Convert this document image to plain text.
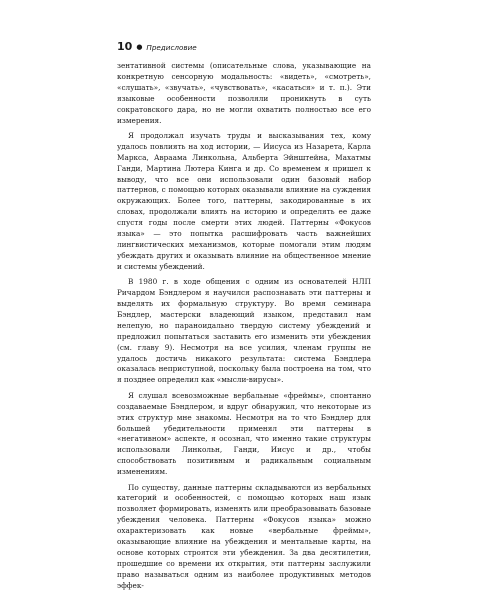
10 ● Предисловие

зентативной системы (описательные слова, указывающие на конкретную сенсорную модальность: «видеть», «смотреть», «слушать», «звучать», «чувствовать», «касаться» и т. п.). Эти языковые особенности позволяли проникнуть в суть сократовского дара, но не могли охватить полностью все его измерения.

Я продолжал изучать труды и высказывания тех, кому удалось повлиять на ход истории, — Иисуса из Назарета, Карла Маркса, Авраама Линкольна, Альберта Эйнштейна, Махатмы Ганди, Мартина Лютера Кинга и др. Со временем я пришел к выводу, что все они использовали один базовый набор паттернов, с помощью которых оказывали влияние на суждения окружающих. Более того, паттерны, закодированные в их словах, продолжали влиять на историю и определять ее даже спустя годы после смерти этих людей. Паттерны «Фокусов языка» — это попытка расшифровать часть важнейших лингвистических механизмов, которые помогали этим людям убеждать других и оказывать влияние на общественное мнение и системы убеждений.

В 1980 г. в ходе общения с одним из основателей НЛП Ричардом Бэндлером я научился распознавать эти паттерны и выделять их формальную структуру. Во время семинара Бэндлер, мастерски владеющий языком, представил нам нелепую, но параноидально твердую систему убеждений и предложил попытаться заставить его изменить эти убеждения (см. главу 9). Несмотря на все усилия, членам группы не удалось достичь никакого результата: система Бэндлера оказалась неприступной, поскольку была построена на том, что я позднее определил как «мысли-вирусы».

Я слушал всевозможные вербальные «фреймы», спонтанно создаваемые Бэндлером, и вдруг обнаружил, что некоторые из этих структур мне знакомы. Несмотря на то что Бэндлер для большей убедительности применял эти паттерны в «негативном» аспекте, я осознал, что именно такие структуры использовали Линкольн, Ганди, Иисус и др., чтобы способствовать позитивным и радикальным социальным изменениям.

По существу, данные паттерны складываются из вербальных категорий и особенностей, с помощью которых наш язык позволяет формировать, изменять или преобразовывать базовые убеждения человека. Паттерны «Фокусов языка» можно охарактеризовать как новые «вербальные фреймы», оказывающие влияние на убеждения и ментальные карты, на основе которых строятся эти убеждения. За два десятилетия, прошедшие со времени их открытия, эти паттерны заслужили право называться одним из наиболее продуктивных методов эффек-
